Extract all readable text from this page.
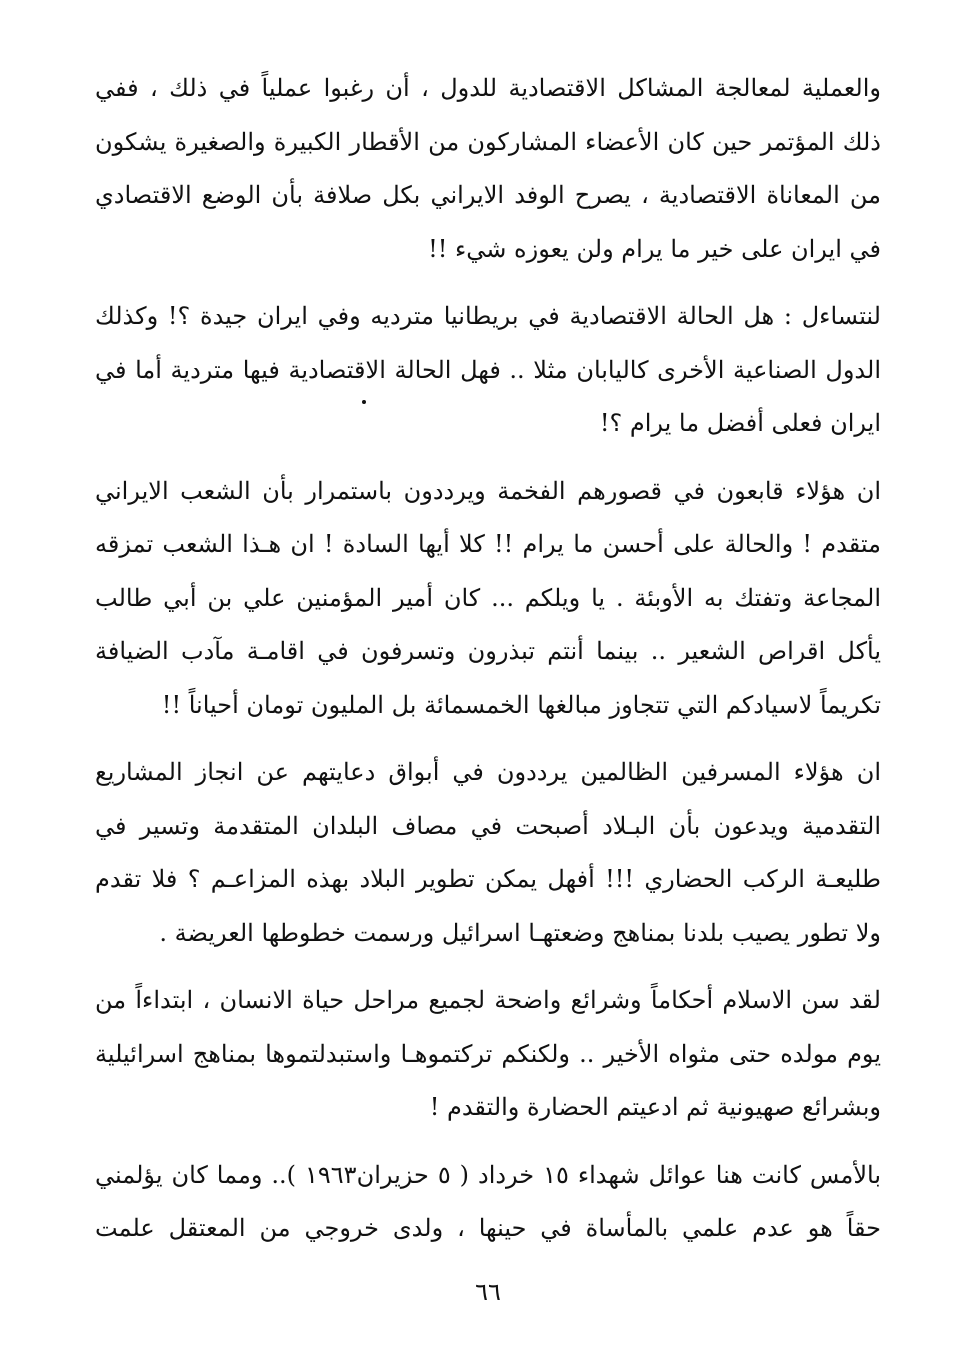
والعملية لمعالجة المشاكل الاقتصادية للدول ، أن رغبوا عملياً في ذلك ، ففي ذلك المؤتمر حين كان الأعضاء المشاركون من الأقطار الكبيرة والصغيرة يشكون من المعاناة الاقتصادية ، يصرح الوفد الايراني بكل صلافة بأن الوضع الاقتصادي في ايران على خير ما يرام ولن يعوزه شيء !!

لنتساءل : هل الحالة الاقتصادية في بريطانيا مترديه وفي ايران جيدة ؟! وكذلك الدول الصناعية الأخرى كاليابان مثلا .. فهل الحالة الاقتصادية فيها متردية أما في ايران فعلى أفضل ما يرام ؟!

ان هؤلاء قابعون في قصورهم الفخمة ويرددون باستمرار بأن الشعب الايراني متقدم ! والحالة على أحسن ما يرام !! كلا أيها السادة ! ان هـذا الشعب تمزقه المجاعة وتفتك به الأوبئة . يا ويلكم ... كان أمير المؤمنين علي بن أبي طالب يأكل اقراص الشعير .. بينما أنتم تبذرون وتسرفون في اقامـة مآدب الضيافة تكريماً لاسيادكم التي تتجاوز مبالغها الخمسمائة بل المليون تومان أحياناً !!

ان هؤلاء المسرفين الظالمين يرددون في أبواق دعايتهم عن انجاز المشاريع التقدمية ويدعون بأن البـلاد أصبحت في مصاف البلدان المتقدمة وتسير في طليعـة الركب الحضاري !!! أفهل يمكن تطوير البلاد بهذه المزاعـم ؟ فلا تقدم ولا تطور يصيب بلدنا بمناهج وضعتهـا اسرائيل ورسمت خطوطها العريضة .

لقد سن الاسلام أحكاماً وشرائع واضحة لجميع مراحل حياة الانسان ، ابتداءاً من يوم مولده حتى مثواه الأخير .. ولكنكم تركتموهـا واستبدلتموها بمناهج اسرائيلية وبشرائع صهيونية ثم ادعيتم الحضارة والتقدم !

بالأمس كانت هنا عوائل شهداء ١٥ خرداد ( ٥ حزيران١٩٦٣ ).. ومما كان يؤلمني حقاً هو عدم علمي بالمأساة في حينها ، ولدى خروجي من المعتقل علمت

٦٦
